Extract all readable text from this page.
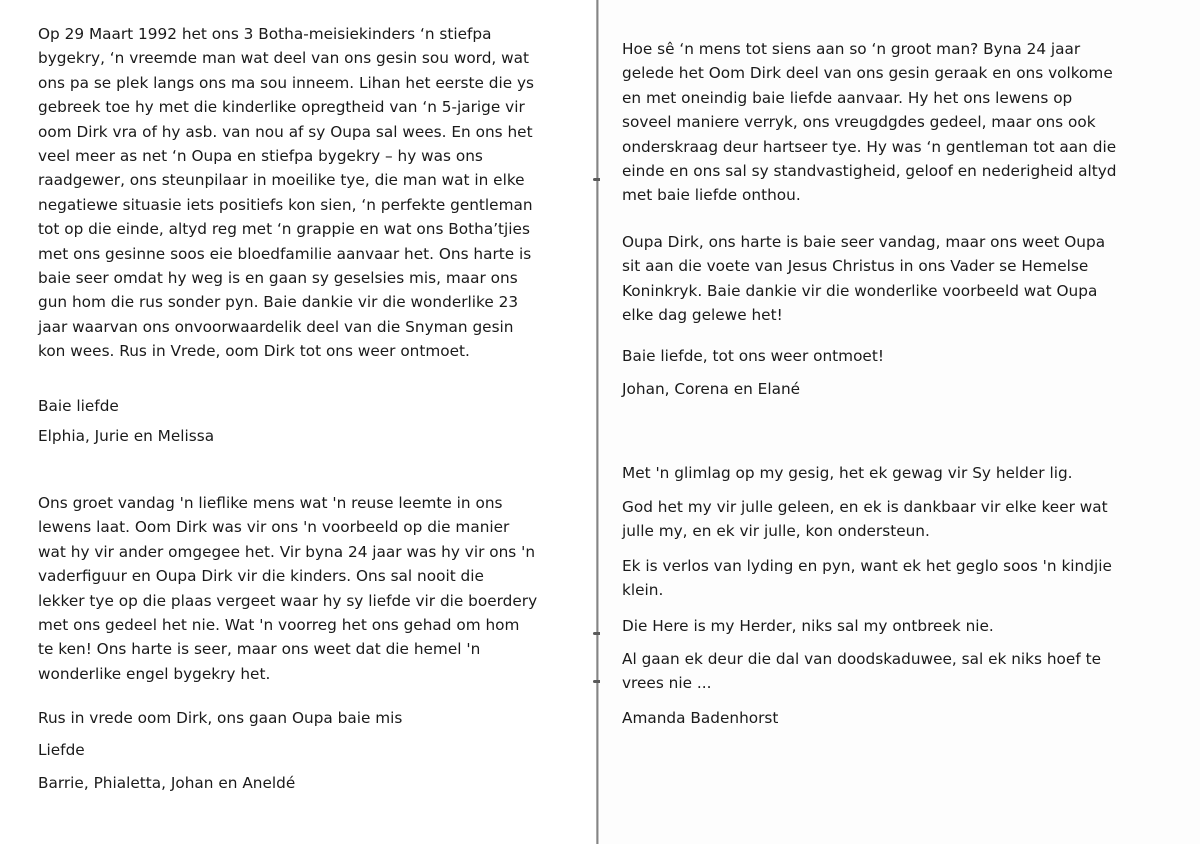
Op 29 Maart 1992 het ons 3 Botha-meisiekinders ‘n stiefpa

bygekry, ‘n vreemde man wat deel van ons gesin sou word, wat

ons pa se plek langs ons ma sou inneem. Lihan het eerste die ys

gebreek toe hy met die kinderlike opregtheid van ‘n 5-jarige vir

oom Dirk vra of hy asb. van nou af sy Oupa sal wees. En ons het

veel meer as net ‘n Oupa en stiefpa bygekry – hy was ons

raadgewer, ons steunpilaar in moeilike tye, die man wat in elke

negatiewe situasie iets positiefs kon sien, ‘n perfekte gentleman

tot op die einde, altyd reg met ‘n grappie en wat ons Botha’tjies

met ons gesinne soos eie bloedfamilie aanvaar het. Ons harte is

baie seer omdat hy weg is en gaan sy geselsies mis, maar ons

gun hom die rus sonder pyn. Baie dankie vir die wonderlike 23

jaar waarvan ons onvoorwaardelik deel van die Snyman gesin

kon wees. Rus in Vrede, oom Dirk tot ons weer ontmoet.

Baie liefde

Elphia, Jurie en Melissa

Ons groet vandag 'n lieflike mens wat 'n reuse leemte in ons

lewens laat. Oom Dirk was vir ons 'n voorbeeld op die manier

wat hy vir ander omgegee het. Vir byna 24 jaar was hy vir ons 'n

vaderfiguur en Oupa Dirk vir die kinders. Ons sal nooit die

lekker tye op die plaas vergeet waar hy sy liefde vir die boerdery

met ons gedeel het nie. Wat 'n voorreg het ons gehad om hom

te ken! Ons harte is seer, maar ons weet dat die hemel 'n

wonderlike engel bygekry het.

Rus in vrede oom Dirk, ons gaan Oupa baie mis

Liefde

Barrie, Phialetta, Johan en Aneldé

Hoe sê ‘n mens tot siens aan so ‘n groot man? Byna 24 jaar

gelede het Oom Dirk deel van ons gesin geraak en ons volkome

en met oneindig baie liefde aanvaar. Hy het ons lewens op

soveel maniere verryk, ons vreugdgdes gedeel, maar ons ook

onderskraag deur hartseer tye. Hy was ‘n gentleman tot aan die

einde en ons sal sy standvastigheid, geloof en nederigheid altyd

met baie liefde onthou.

Oupa Dirk, ons harte is baie seer vandag, maar ons weet Oupa

sit aan die voete van Jesus Christus in ons Vader se Hemelse

Koninkryk. Baie dankie vir die wonderlike voorbeeld wat Oupa

elke dag gelewe het!

Baie liefde, tot ons weer ontmoet!

Johan, Corena en Elané

Met 'n glimlag op my gesig, het ek gewag vir Sy helder lig.

God het my vir julle geleen, en ek is dankbaar vir elke keer wat

julle my, en ek vir julle, kon ondersteun.

Ek is verlos van lyding en pyn, want ek het geglo soos 'n kindjie

klein.

Die Here is my Herder, niks sal my ontbreek nie.

Al gaan ek deur die dal van doodskaduwee, sal ek niks hoef te

vrees nie ...

Amanda Badenhorst
